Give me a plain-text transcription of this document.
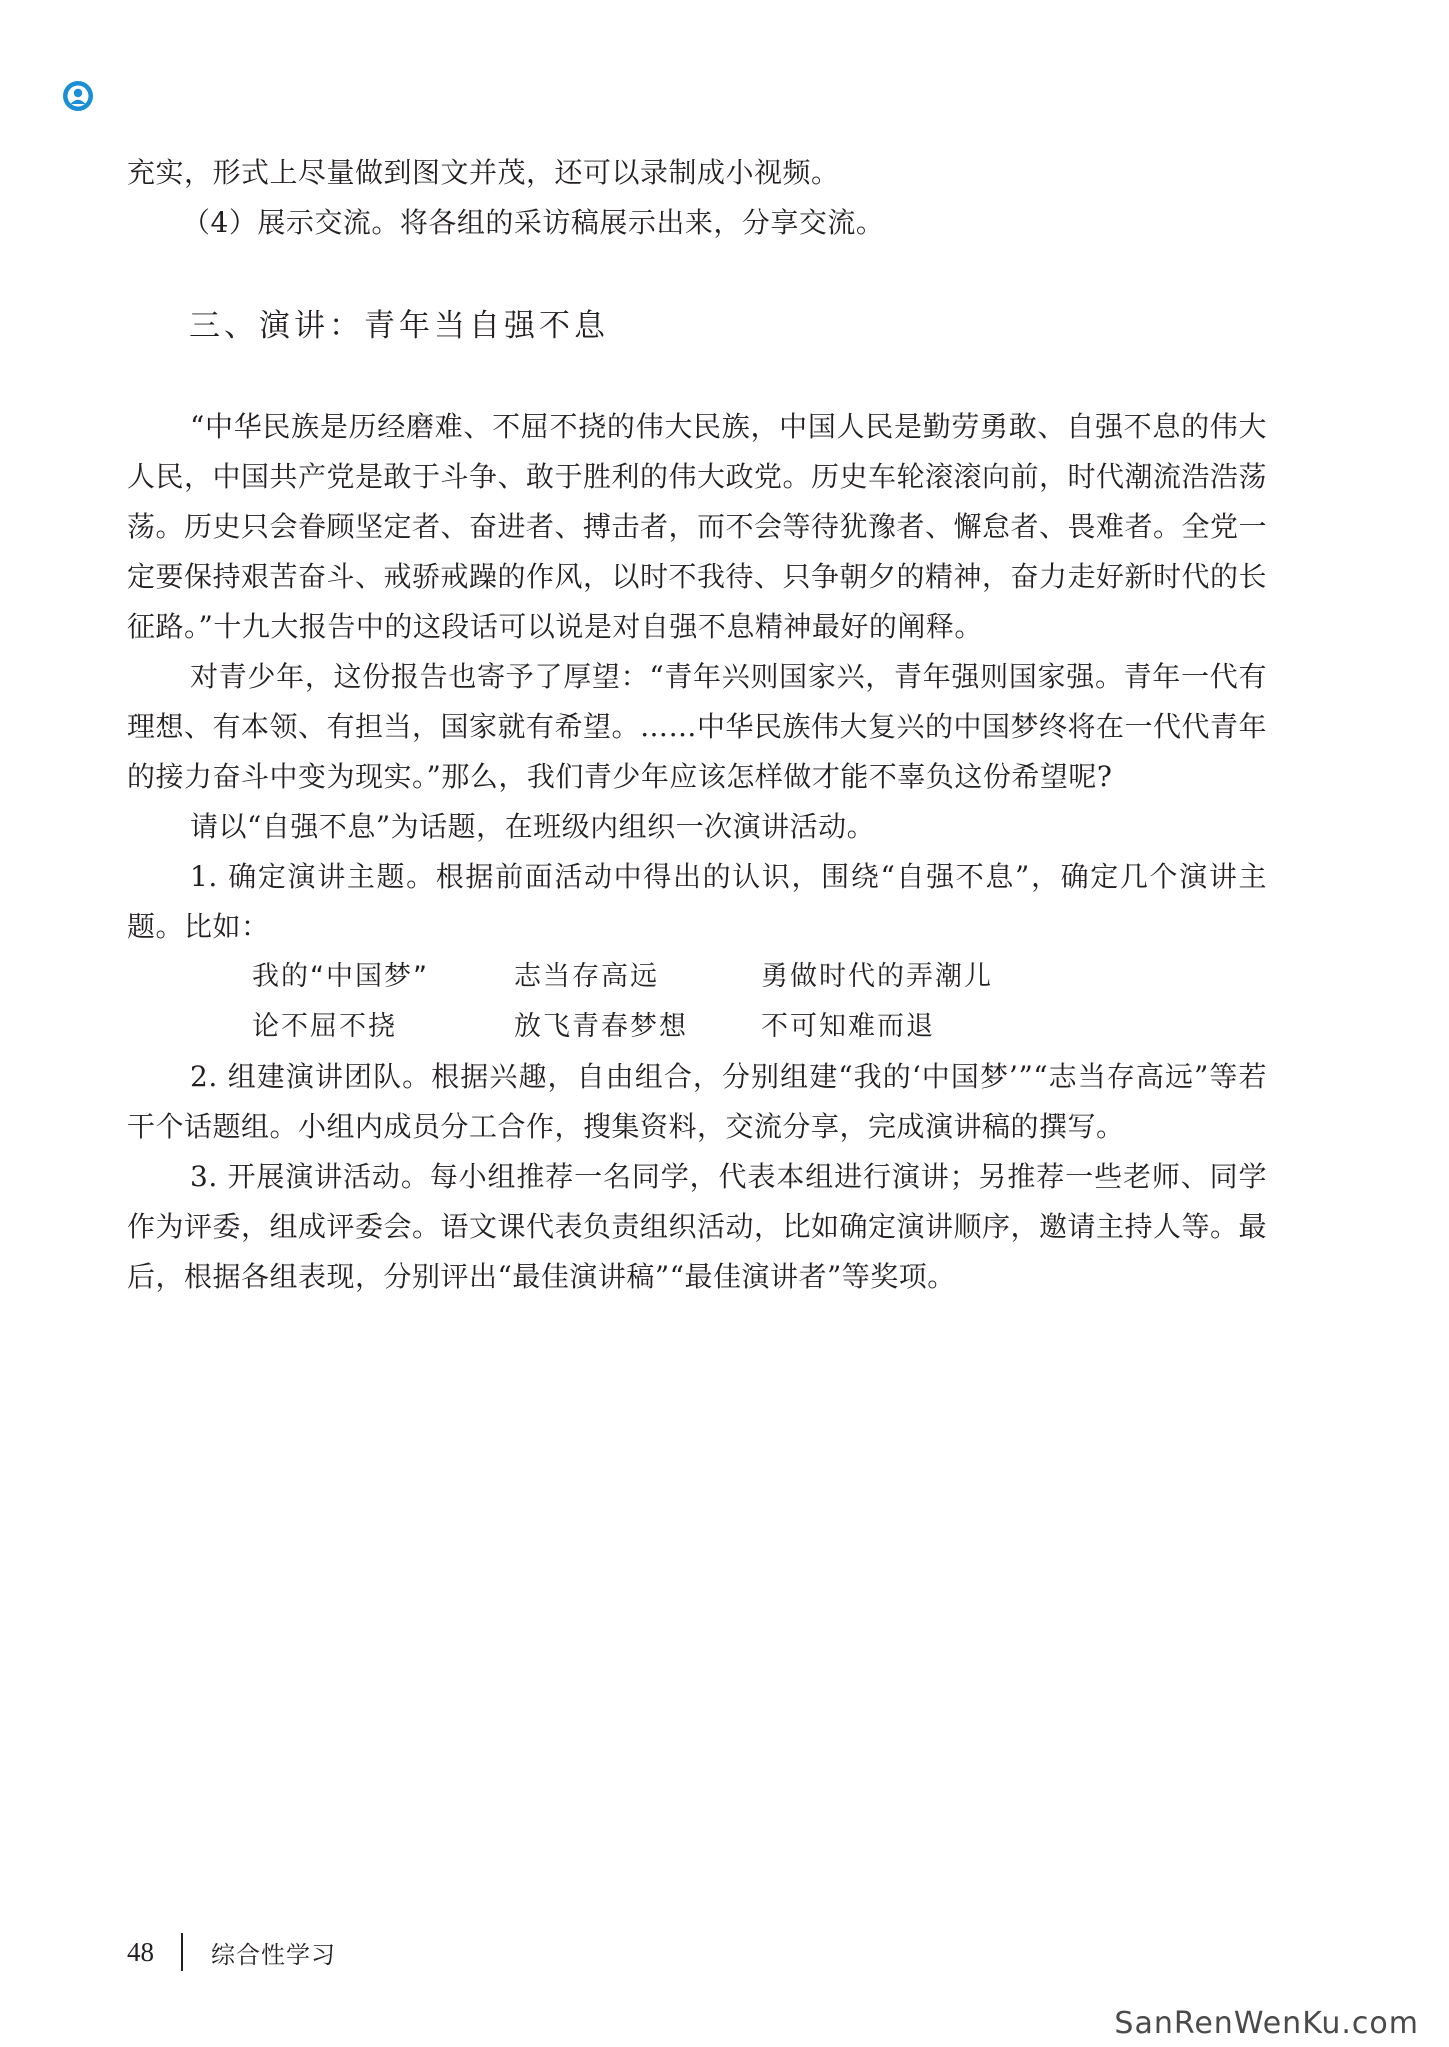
充实，形式上尽量做到图文并茂，还可以录制成小视频。

（4）展示交流。将各组的采访稿展示出来，分享交流。

三、演讲：青年当自强不息

“中华民族是历经磨难、不屈不挠的伟大民族，中国人民是勤劳勇敢、自强不息的伟大人民，中国共产党是敢于斗争、敢于胜利的伟大政党。历史车轮滚滚向前，时代潮流浩浩荡荡。历史只会眷顾坚定者、奋进者、搏击者，而不会等待犹豫者、懈怠者、畏难者。全党一定要保持艰苦奋斗、戒骄戒躁的作风，以时不我待、只争朝夕的精神，奋力走好新时代的长征路。”十九大报告中的这段话可以说是对自强不息精神最好的阐释。

对青少年，这份报告也寄予了厚望：“青年兴则国家兴，青年强则国家强。青年一代有理想、有本领、有担当，国家就有希望。……中华民族伟大复兴的中国梦终将在一代代青年的接力奋斗中变为现实。”那么，我们青少年应该怎样做才能不辜负这份希望呢?

请以“自强不息”为话题，在班级内组织一次演讲活动。

1. 确定演讲主题。根据前面活动中得出的认识，围绕“自强不息”，确定几个演讲主题。比如：

我的“中国梦”	志当存高远	勇做时代的弄潮儿
论不屈不挠	放飞青春梦想	不可知难而退

2. 组建演讲团队。根据兴趣，自由组合，分别组建“我的‘中国梦’”“志当存高远”等若干个话题组。小组内成员分工合作，搜集资料，交流分享，完成演讲稿的撰写。

3. 开展演讲活动。每小组推荐一名同学，代表本组进行演讲；另推荐一些老师、同学作为评委，组成评委会。语文课代表负责组织活动，比如确定演讲顺序，邀请主持人等。最后，根据各组表现，分别评出“最佳演讲稿”“最佳演讲者”等奖项。

48 综合性学习
SanRenWenKu.com
